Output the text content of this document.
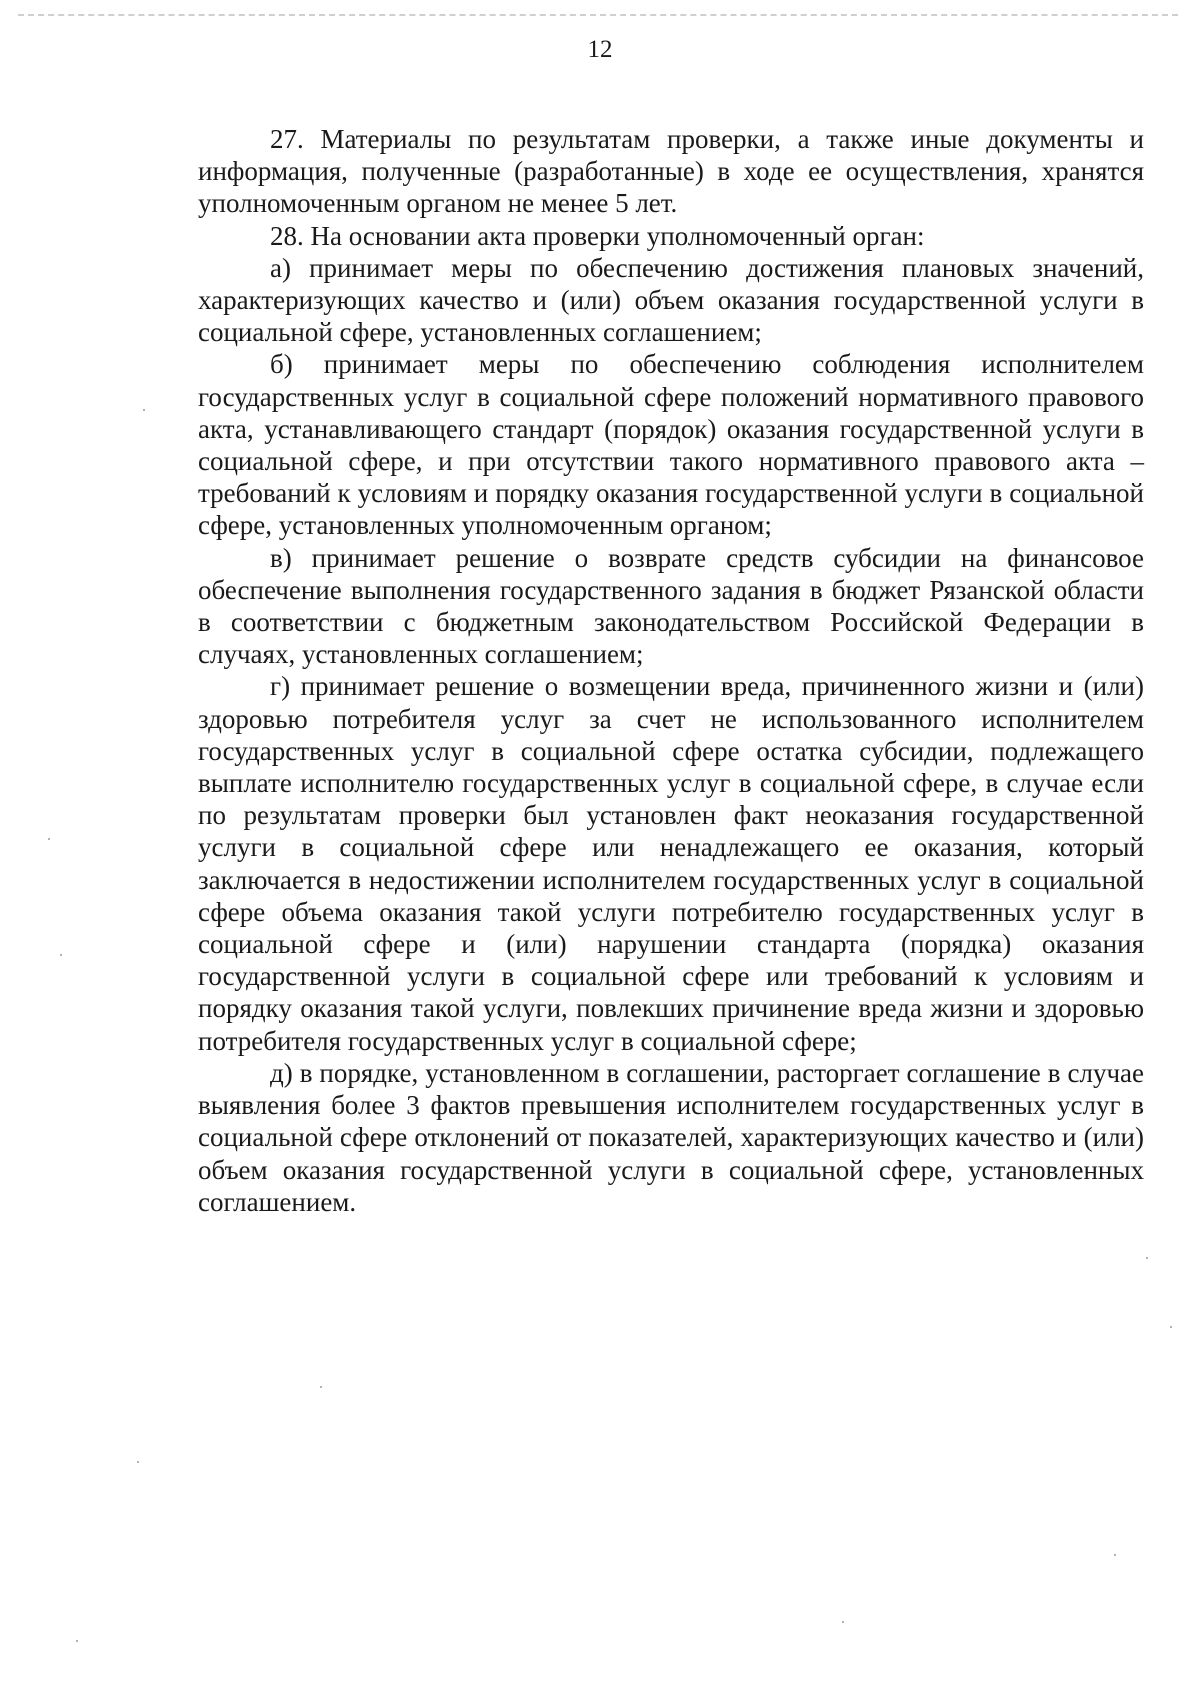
12

27. Материалы по результатам проверки, а также иные документы и информация, полученные (разработанные) в ходе ее осуществления, хранятся уполномоченным органом не менее 5 лет.

28. На основании акта проверки уполномоченный орган:

а) принимает меры по обеспечению достижения плановых значений, характеризующих качество и (или) объем оказания государственной услуги в социальной сфере, установленных соглашением;

б) принимает меры по обеспечению соблюдения исполнителем государственных услуг в социальной сфере положений нормативного правового акта, устанавливающего стандарт (порядок) оказания государственной услуги в социальной сфере, и при отсутствии такого нормативного правового акта – требований к условиям и порядку оказания государственной услуги в социальной сфере, установленных уполномоченным органом;

в) принимает решение о возврате средств субсидии на финансовое обеспечение выполнения государственного задания в бюджет Рязанской области в соответствии с бюджетным законодательством Российской Федерации в случаях, установленных соглашением;

г) принимает решение о возмещении вреда, причиненного жизни и (или) здоровью потребителя услуг за счет не использованного исполнителем государственных услуг в социальной сфере остатка субсидии, подлежащего выплате исполнителю государственных услуг в социальной сфере, в случае если по результатам проверки был установлен факт неоказания государственной услуги в социальной сфере или ненадлежащего ее оказания, который заключается в недостижении исполнителем государственных услуг в социальной сфере объема оказания такой услуги потребителю государственных услуг в социальной сфере и (или) нарушении стандарта (порядка) оказания государственной услуги в социальной сфере или требований к условиям и порядку оказания такой услуги, повлекших причинение вреда жизни и здоровью потребителя государственных услуг в социальной сфере;

д) в порядке, установленном в соглашении, расторгает соглашение в случае выявления более 3 фактов превышения исполнителем государственных услуг в социальной сфере отклонений от показателей, характеризующих качество и (или) объем оказания государственной услуги в социальной сфере, установленных соглашением.
